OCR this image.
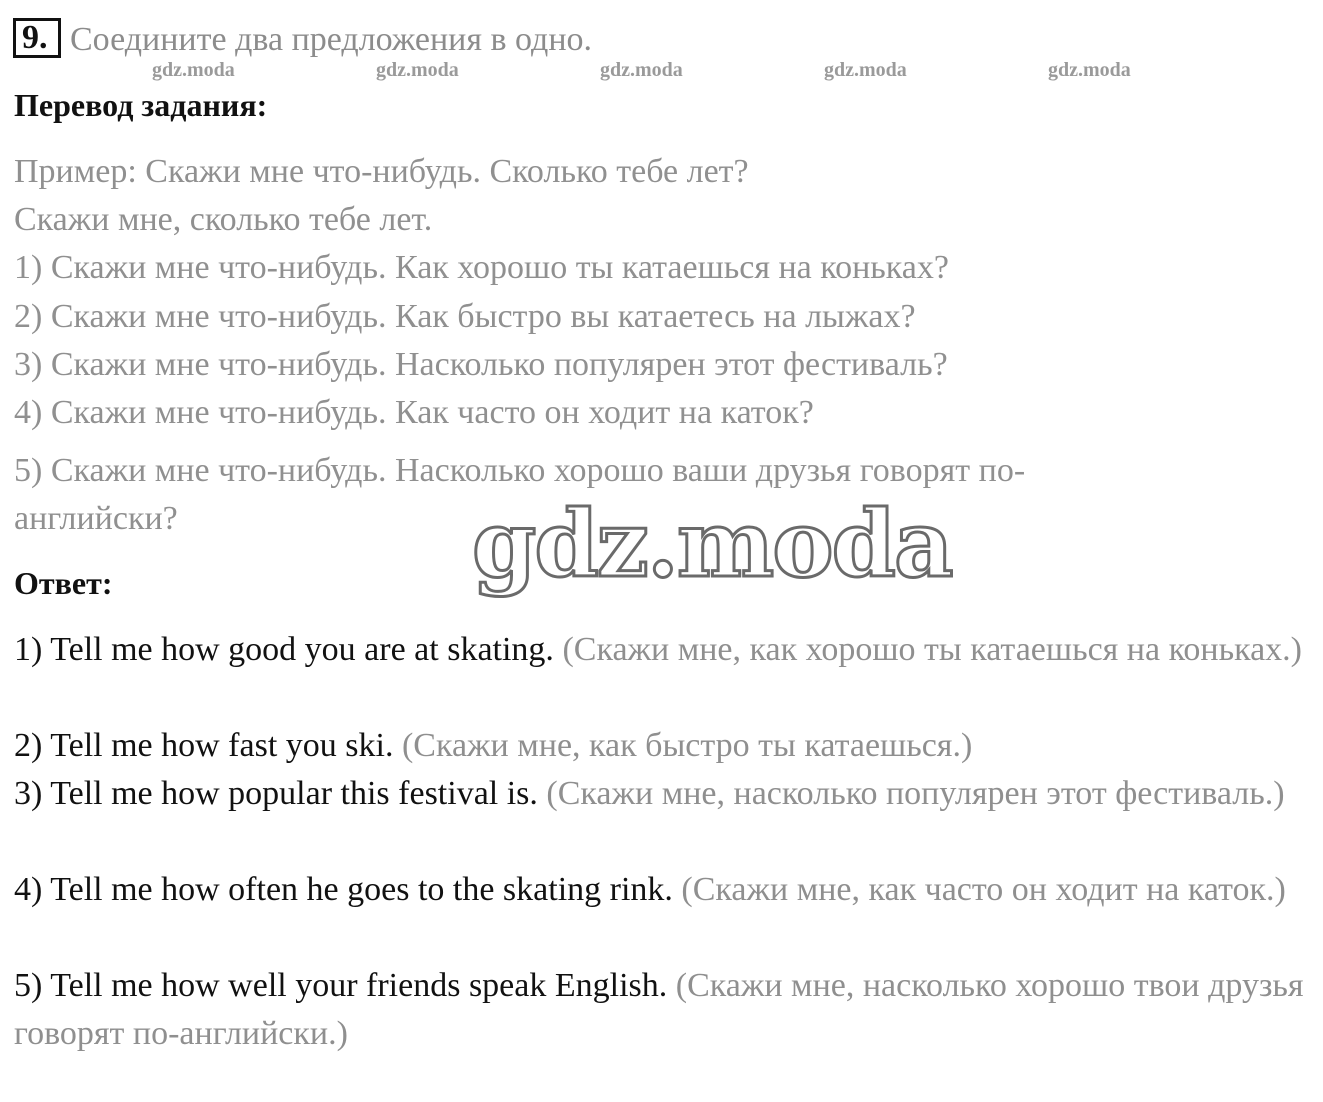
9. Соедините два предложения в одно.
gdz.moda	gdz.moda	gdz.moda	gdz.moda	gdz.moda
Перевод задания:
Пример: Скажи мне что-нибудь. Сколько тебе лет?
Скажи мне, сколько тебе лет.
1) Скажи мне что-нибудь. Как хорошо ты катаешься на коньках?
2) Скажи мне что-нибудь. Как быстро вы катаетесь на лыжах?
3) Скажи мне что-нибудь. Насколько популярен этот фестиваль?
4) Скажи мне что-нибудь. Как часто он ходит на каток?
5) Скажи мне что-нибудь. Насколько хорошо ваши друзья говорят по-
английски?	gdz.moda
Ответ:
1) Tell me how good you are at skating. (Скажи мне, как хорошо ты катаешься на коньках.)
2) Tell me how fast you ski. (Скажи мне, как быстро ты катаешься.)
3) Tell me how popular this festival is. (Скажи мне, насколько популярен этот фестиваль.)
4) Tell me how often he goes to the skating rink. (Скажи мне, как часто он ходит на каток.)
5) Tell me how well your friends speak English. (Скажи мне, насколько хорошо твои друзья говорят по-английски.)
